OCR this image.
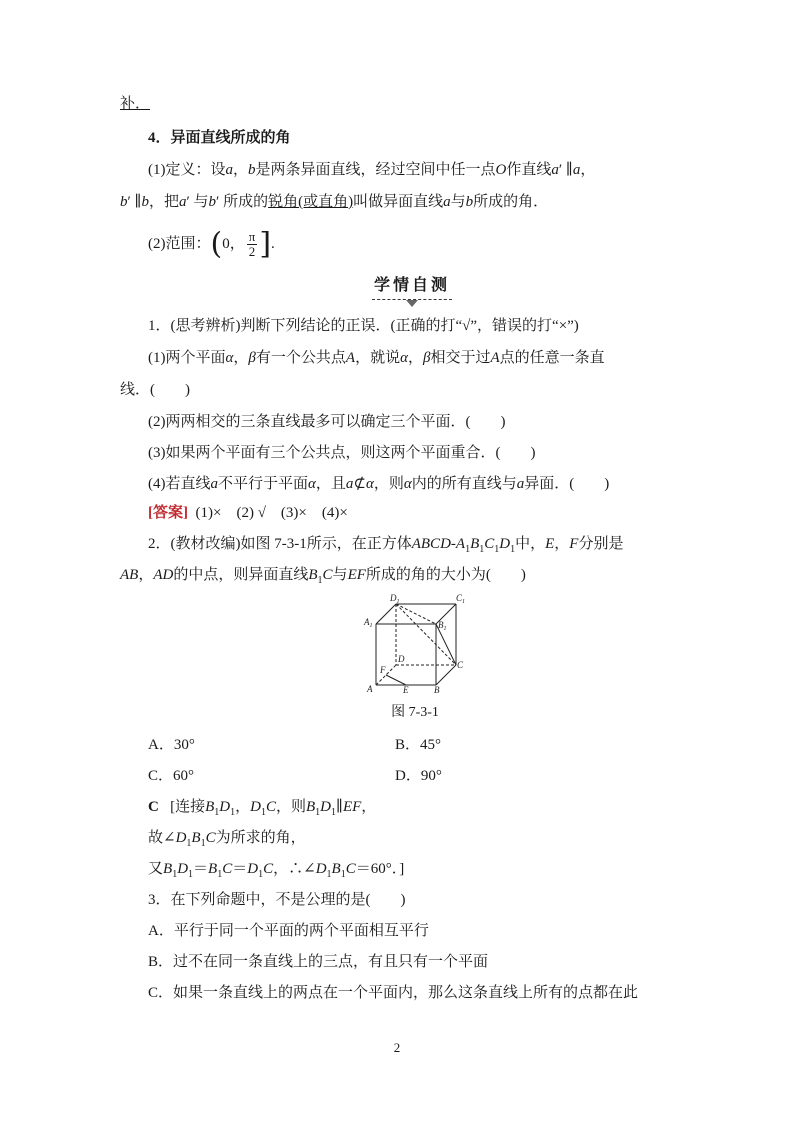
补．
4．异面直线所成的角
(1)定义：设a，b是两条异面直线，经过空间中任一点O作直线a′ ∥a，
b′ ∥b，把a′ 与b′ 所成的锐角(或直角)叫做异面直线a与b所成的角．
(2)范围：(0， $\frac{\pi}{2}$ ].
学情自测
1．(思考辨析)判断下列结论的正误．(正确的打“√”，错误的打“×”)
(1)两个平面α，β有一个公共点A，就说α，β相交于过A点的任意一条直
线．(　　)
(2)两两相交的三条直线最多可以确定三个平面．(　　)
(3)如果两个平面有三个公共点，则这两个平面重合．(　　)
(4)若直线a不平行于平面α，且a⊄α，则α内的所有直线与a异面．(　　)
[答案] (1)×　(2) √　(3)×　(4)×
2．(教材改编)如图 7-3-1所示，在正方体ABCD-$A_1B_1C_1D_1$中，E，F分别是
AB，AD的中点，则异面直线$B_1C$与EF所成的角的大小为(　　)
$D_1$	$C_1$
$A_1$	$B_1$
D
C
F
A	E	B
图 7-3-1
A．30°	B．45°
C．60°	D．90°
C [连接$B_1D_1$，$D_1C$，则$B_1D_1\parallel EF$，
故$\angle D_1B_1C$为所求的角，
又$B_1D_1=B_1C=D_1C$，$\therefore\angle D_1B_1C=60^\circ$．]
3．在下列命题中，不是公理的是(　　)
A．平行于同一个平面的两个平面相互平行
B．过不在同一条直线上的三点，有且只有一个平面
C．如果一条直线上的两点在一个平面内，那么这条直线上所有的点都在此
2
